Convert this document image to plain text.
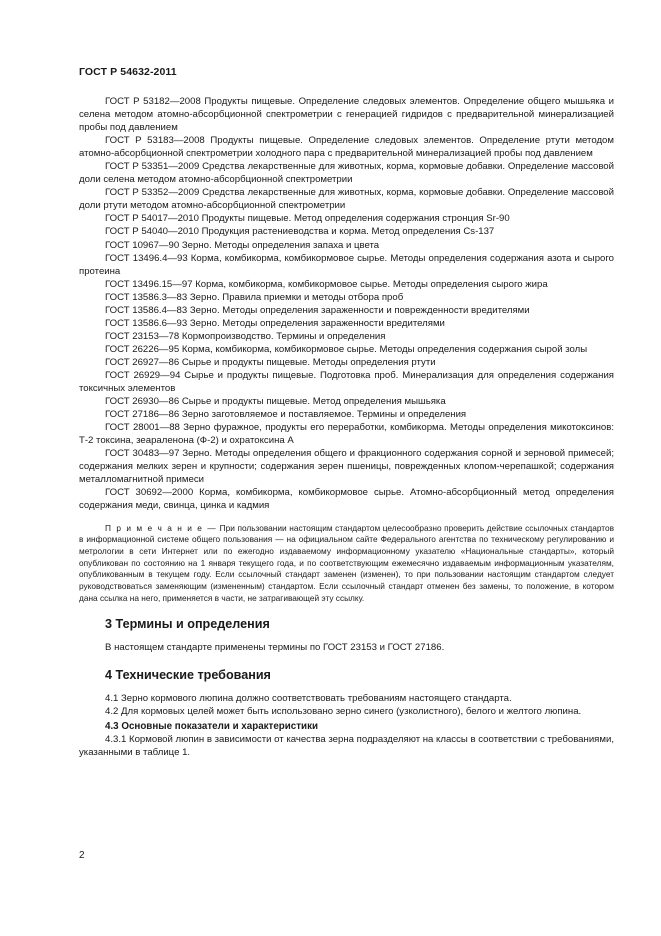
ГОСТ Р 54632-2011

ГОСТ Р 53182—2008 Продукты пищевые. Определение следовых элементов. Определение общего мышьяка и селена методом атомно-абсорбционной спектрометрии с генерацией гидридов с предварительной минерализацией пробы под давлением

ГОСТ Р 53183—2008 Продукты пищевые. Определение следовых элементов. Определение ртути методом атомно-абсорбционной спектрометрии холодного пара с предварительной минерализацией пробы под давлением

ГОСТ Р 53351—2009 Средства лекарственные для животных, корма, кормовые добавки. Определение массовой доли селена методом атомно-абсорбционной спектрометрии

ГОСТ Р 53352—2009 Средства лекарственные для животных, корма, кормовые добавки. Определение массовой доли ртути методом атомно-абсорбционной спектрометрии

ГОСТ Р 54017—2010 Продукты пищевые. Метод определения содержания стронция Sr-90

ГОСТ Р 54040—2010 Продукция растениеводства и корма. Метод определения Cs-137

ГОСТ 10967—90 Зерно. Методы определения запаха и цвета

ГОСТ 13496.4—93 Корма, комбикорма, комбикормовое сырье. Методы определения содержания азота и сырого протеина

ГОСТ 13496.15—97 Корма, комбикорма, комбикормовое сырье. Методы определения сырого жира

ГОСТ 13586.3—83 Зерно. Правила приемки и методы отбора проб

ГОСТ 13586.4—83 Зерно. Методы определения зараженности и поврежденности вредителями

ГОСТ 13586.6—93 Зерно. Методы определения зараженности вредителями

ГОСТ 23153—78 Кормопроизводство. Термины и определения

ГОСТ 26226—95 Корма, комбикорма, комбикормовое сырье. Методы определения содержания сырой золы

ГОСТ 26927—86 Сырье и продукты пищевые. Методы определения ртути

ГОСТ 26929—94 Сырье и продукты пищевые. Подготовка проб. Минерализация для определения содержания токсичных элементов

ГОСТ 26930—86 Сырье и продукты пищевые. Метод определения мышьяка

ГОСТ 27186—86 Зерно заготовляемое и поставляемое. Термины и определения

ГОСТ 28001—88 Зерно фуражное, продукты его переработки, комбикорма. Методы определения микотоксинов: Т-2 токсина, зеараленона (Ф-2) и охратоксина А

ГОСТ 30483—97 Зерно. Методы определения общего и фракционного содержания сорной и зерновой примесей; содержания мелких зерен и крупности; содержания зерен пшеницы, поврежденных клопом-черепашкой; содержания металломагнитной примеси

ГОСТ 30692—2000 Корма, комбикорма, комбикормовое сырье. Атомно-абсорбционный метод определения содержания меди, свинца, цинка и кадмия

П р и м е ч а н и е — При пользовании настоящим стандартом целесообразно проверить действие ссылочных стандартов в информационной системе общего пользования — на официальном сайте Федерального агентства по техническому регулированию и метрологии в сети Интернет или по ежегодно издаваемому информационному указателю «Национальные стандарты», который опубликован по состоянию на 1 января текущего года, и по соответствующим ежемесячно издаваемым информационным указателям, опубликованным в текущем году. Если ссылочный стандарт заменен (изменен), то при пользовании настоящим стандартом следует руководствоваться заменяющим (измененным) стандартом. Если ссылочный стандарт отменен без замены, то положение, в котором дана ссылка на него, применяется в части, не затрагивающей эту ссылку.
3 Термины и определения

В настоящем стандарте применены термины по ГОСТ 23153 и ГОСТ 27186.

4 Технические требования

4.1 Зерно кормового люпина должно соответствовать требованиям настоящего стандарта.

4.2 Для кормовых целей может быть использовано зерно синего (узколистного), белого и желтого люпина.

4.3 Основные показатели и характеристики

4.3.1 Кормовой люпин в зависимости от качества зерна подразделяют на классы в соответствии с требованиями, указанными в таблице 1.

2
